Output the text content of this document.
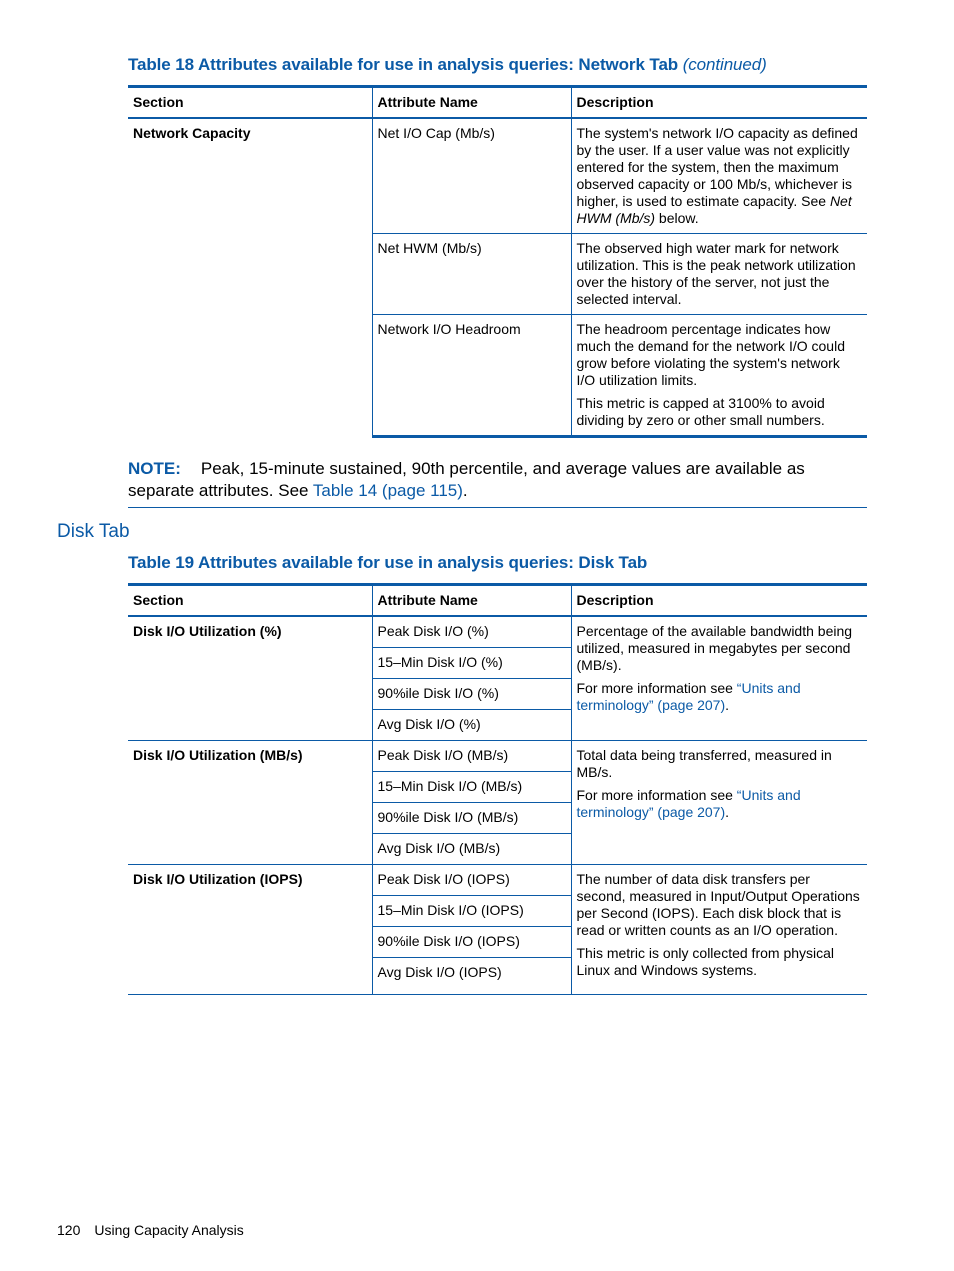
Table 18 Attributes available for use in analysis queries: Network Tab (continued)

Section	Attribute Name	Description
Network Capacity	Net I/O Cap (Mb/s)	The system's network I/O capacity as defined by the user. If a user value was not explicitly entered for the system, then the maximum observed capacity or 100 Mb/s, whichever is higher, is used to estimate capacity. See Net HWM (Mb/s) below.

	Net HWM (Mb/s)	The observed high water mark for network utilization. This is the peak network utilization over the history of the server, not just the selected interval.

	Network I/O Headroom	The headroom percentage indicates how much the demand for the network I/O could grow before violating the system's network I/O utilization limits.

This metric is capped at 3100% to avoid dividing by zero or other small numbers.

NOTE: Peak, 15-minute sustained, 90th percentile, and average values are available as separate attributes. See Table 14 (page 115).
Disk Tab

Table 19 Attributes available for use in analysis queries: Disk Tab

Section	Attribute Name	Description
Disk I/O Utilization (%)	Peak Disk I/O (%)	Percentage of the available bandwidth being utilized, measured in megabytes per second (MB/s).

For more information see “Units and terminology” (page 207).

	15–Min Disk I/O (%)	
	90%ile Disk I/O (%)	
	Avg Disk I/O (%)	
Disk I/O Utilization (MB/s)	Peak Disk I/O (MB/s)	Total data being transferred, measured in MB/s.

For more information see “Units and terminology” (page 207).

	15–Min Disk I/O (MB/s)	
	90%ile Disk I/O (MB/s)	
	Avg Disk I/O (MB/s)	
Disk I/O Utilization (IOPS)	Peak Disk I/O (IOPS)	The number of data disk transfers per second, measured in Input/Output Operations per Second (IOPS). Each disk block that is read or written counts as an I/O operation.

This metric is only collected from physical Linux and Windows systems.

	15–Min Disk I/O (IOPS)	
	90%ile Disk I/O (IOPS)	
	Avg Disk I/O (IOPS)	
120 Using Capacity Analysis
